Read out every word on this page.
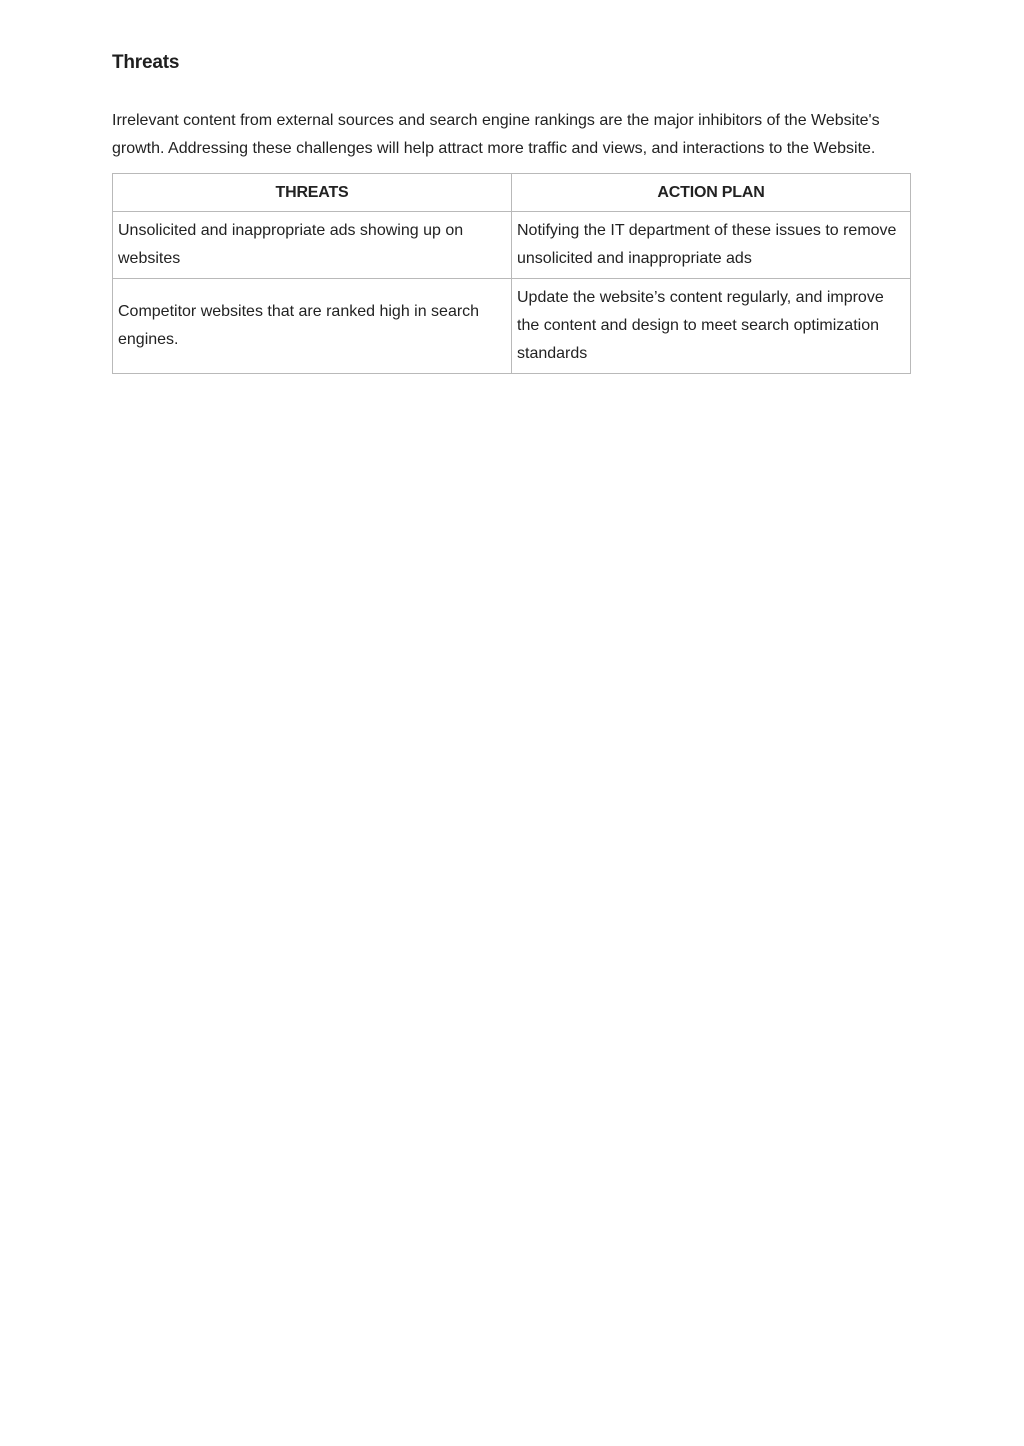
Threats

Irrelevant content from external sources and search engine rankings are the major inhibitors of the Website's growth. Addressing these challenges will help attract more traffic and views, and interactions to the Website.

THREATS	ACTION PLAN
Unsolicited and inappropriate ads showing up on websites	Notifying the IT department of these issues to remove unsolicited and inappropriate ads
Competitor websites that are ranked high in search engines.	Update the website’s content regularly, and improve the content and design to meet search optimization standards
